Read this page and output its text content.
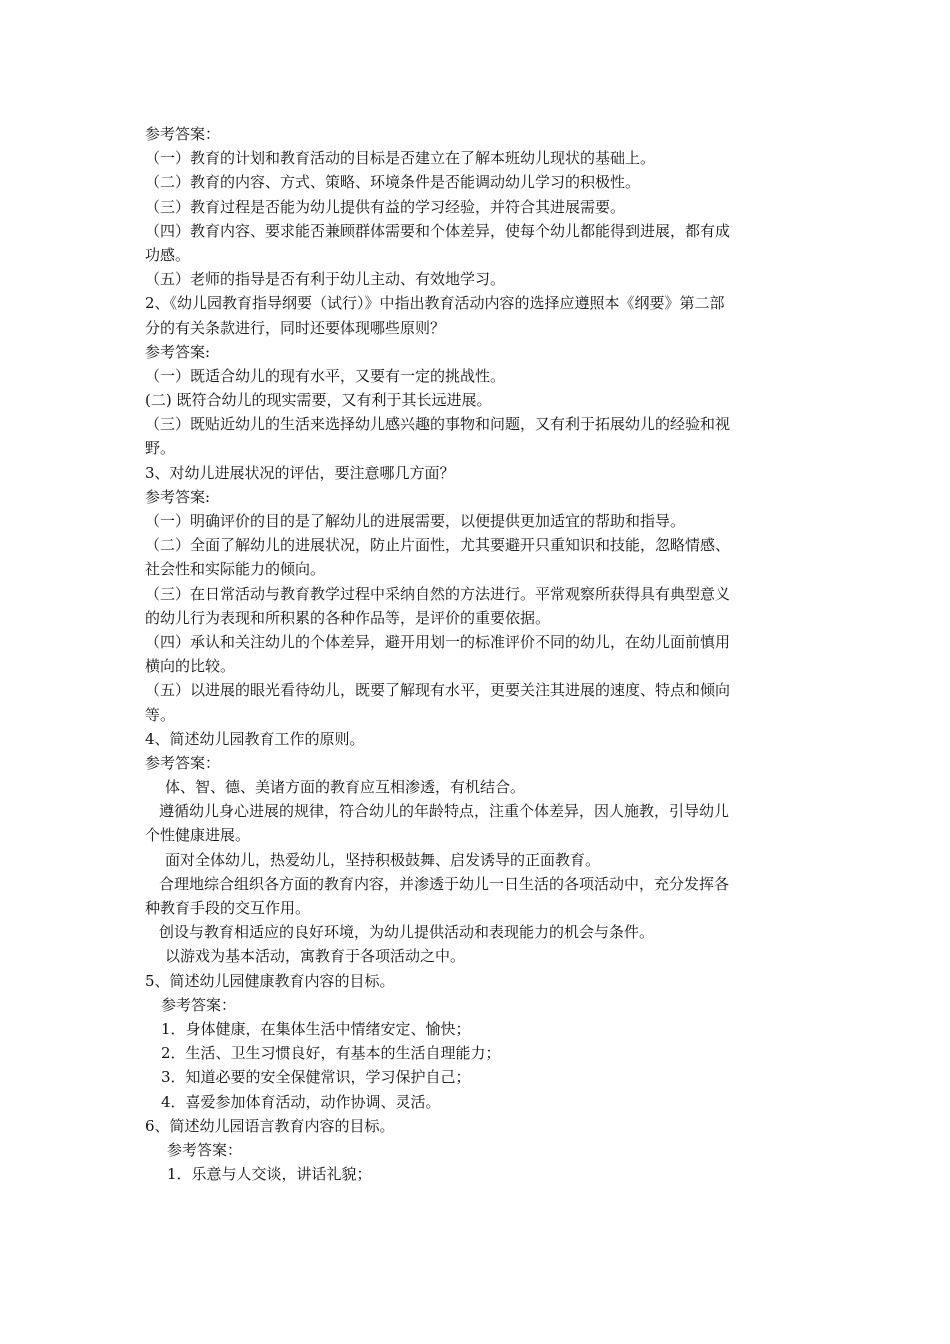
参考答案：
（一）教育的计划和教育活动的目标是否建立在了解本班幼儿现状的基础上。
（二）教育的内容、方式、策略、环境条件是否能调动幼儿学习的积极性。
（三）教育过程是否能为幼儿提供有益的学习经验，并符合其进展需要。
（四）教育内容、要求能否兼顾群体需要和个体差异，使每个幼儿都能得到进展，都有成
功感。
（五）老师的指导是否有利于幼儿主动、有效地学习。
2、《幼儿园教育指导纲要（试行）》中指出教育活动内容的选择应遵照本《纲要》第二部
分的有关条款进行，同时还要体现哪些原则？
参考答案:
（一）既适合幼儿的现有水平，又要有一定的挑战性。
(二) 既符合幼儿的现实需要，又有利于其长远进展。
（三）既贴近幼儿的生活来选择幼儿感兴趣的事物和问题，又有利于拓展幼儿的经验和视
野。
3、对幼儿进展状况的评估，要注意哪几方面？
参考答案:
（一）明确评价的目的是了解幼儿的进展需要，以便提供更加适宜的帮助和指导。
（二）全面了解幼儿的进展状况，防止片面性，尤其要避开只重知识和技能，忽略情感、
社会性和实际能力的倾向。
（三）在日常活动与教育教学过程中采纳自然的方法进行。平常观察所获得具有典型意义
的幼儿行为表现和所积累的各种作品等，是评价的重要依据。
（四）承认和关注幼儿的个体差异，避开用划一的标准评价不同的幼儿，在幼儿面前慎用
横向的比较。
（五）以进展的眼光看待幼儿，既要了解现有水平，更要关注其进展的速度、特点和倾向
等。
4、简述幼儿园教育工作的原则。
参考答案：
体、智、德、美诸方面的教育应互相渗透，有机结合。
遵循幼儿身心进展的规律，符合幼儿的年龄特点，注重个体差异，因人施教，引导幼儿
个性健康进展。
面对全体幼儿，热爱幼儿，坚持积极鼓舞、启发诱导的正面教育。
合理地综合组织各方面的教育内容，并渗透于幼儿一日生活的各项活动中，充分发挥各
种教育手段的交互作用。
创设与教育相适应的良好环境，为幼儿提供活动和表现能力的机会与条件。
以游戏为基本活动，寓教育于各项活动之中。
5、简述幼儿园健康教育内容的目标。
参考答案：
1．身体健康，在集体生活中情绪安定、愉快；
2．生活、卫生习惯良好，有基本的生活自理能力；
3．知道必要的安全保健常识，学习保护自己；
4．喜爱参加体育活动，动作协调、灵活。
6、简述幼儿园语言教育内容的目标。
参考答案：
1．乐意与人交谈，讲话礼貌；
